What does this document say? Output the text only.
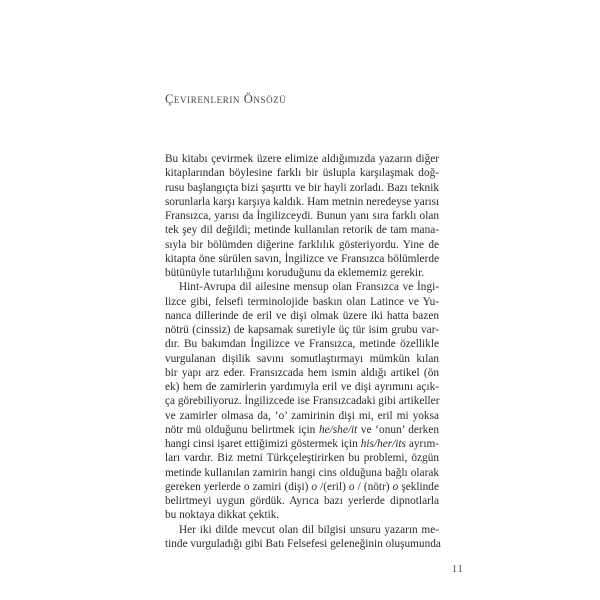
Çevirenlerin Önsözü
Bu kitabı çevirmek üzere elimize aldığımızda yazarın diğer
kitaplarından böylesine farklı bir üslupla karşılaşmak doğ-
rusu başlangıçta bizi şaşırttı ve bir hayli zorladı. Bazı teknik
sorunlarla karşı karşıya kaldık. Ham metnin neredeyse yarısı
Fransızca, yarısı da İngilizceydi. Bunun yanı sıra farklı olan
tek şey dil değildi; metinde kullanılan retorik de tam mana-
sıyla bir bölümden diğerine farklılık gösteriyordu. Yine de
kitapta öne sürülen savın, İngilizce ve Fransızca bölümlerde
bütünüyle tutarlılığını koruduğunu da eklememiz gerekir.
Hint-Avrupa dil ailesine mensup olan Fransızca ve İngi-
lizce gibi, felsefi terminolojide baskın olan Latince ve Yu-
nanca dillerinde de eril ve dişi olmak üzere iki hatta bazen
nötrü (cinssiz) de kapsamak suretiyle üç tür isim grubu var-
dır. Bu bakımdan İngilizce ve Fransızca, metinde özellikle
vurgulanan dişilik savını somutlaştırmayı mümkün kılan
bir yapı arz eder. Fransızcada hem ismin aldığı artikel (ön
ek) hem de zamirlerin yardımıyla eril ve dişi ayrımını açık-
ça görebiliyoruz. İngilizcede ise Fransızcadaki gibi artikeller
ve zamirler olmasa da, ‘o’ zamirinin dişi mi, eril mi yoksa
nötr mü olduğunu belirtmek için he/she/it ve ‘onun’ derken
hangi cinsi işaret ettiğimizi göstermek için his/her/its ayrım-
ları vardır. Biz metni Türkçeleştirirken bu problemi, özgün
metinde kullanılan zamirin hangi cins olduğuna bağlı olarak
gereken yerlerde o zamiri (dişi) o /(eril) o / (nötr) o şeklinde
belirtmeyi uygun gördük. Ayrıca bazı yerlerde dipnotlarla
bu noktaya dikkat çektik.
Her iki dilde mevcut olan dil bilgisi unsuru yazarın me-
tinde vurguladığı gibi Batı Felsefesi geleneğinin oluşumunda
11
